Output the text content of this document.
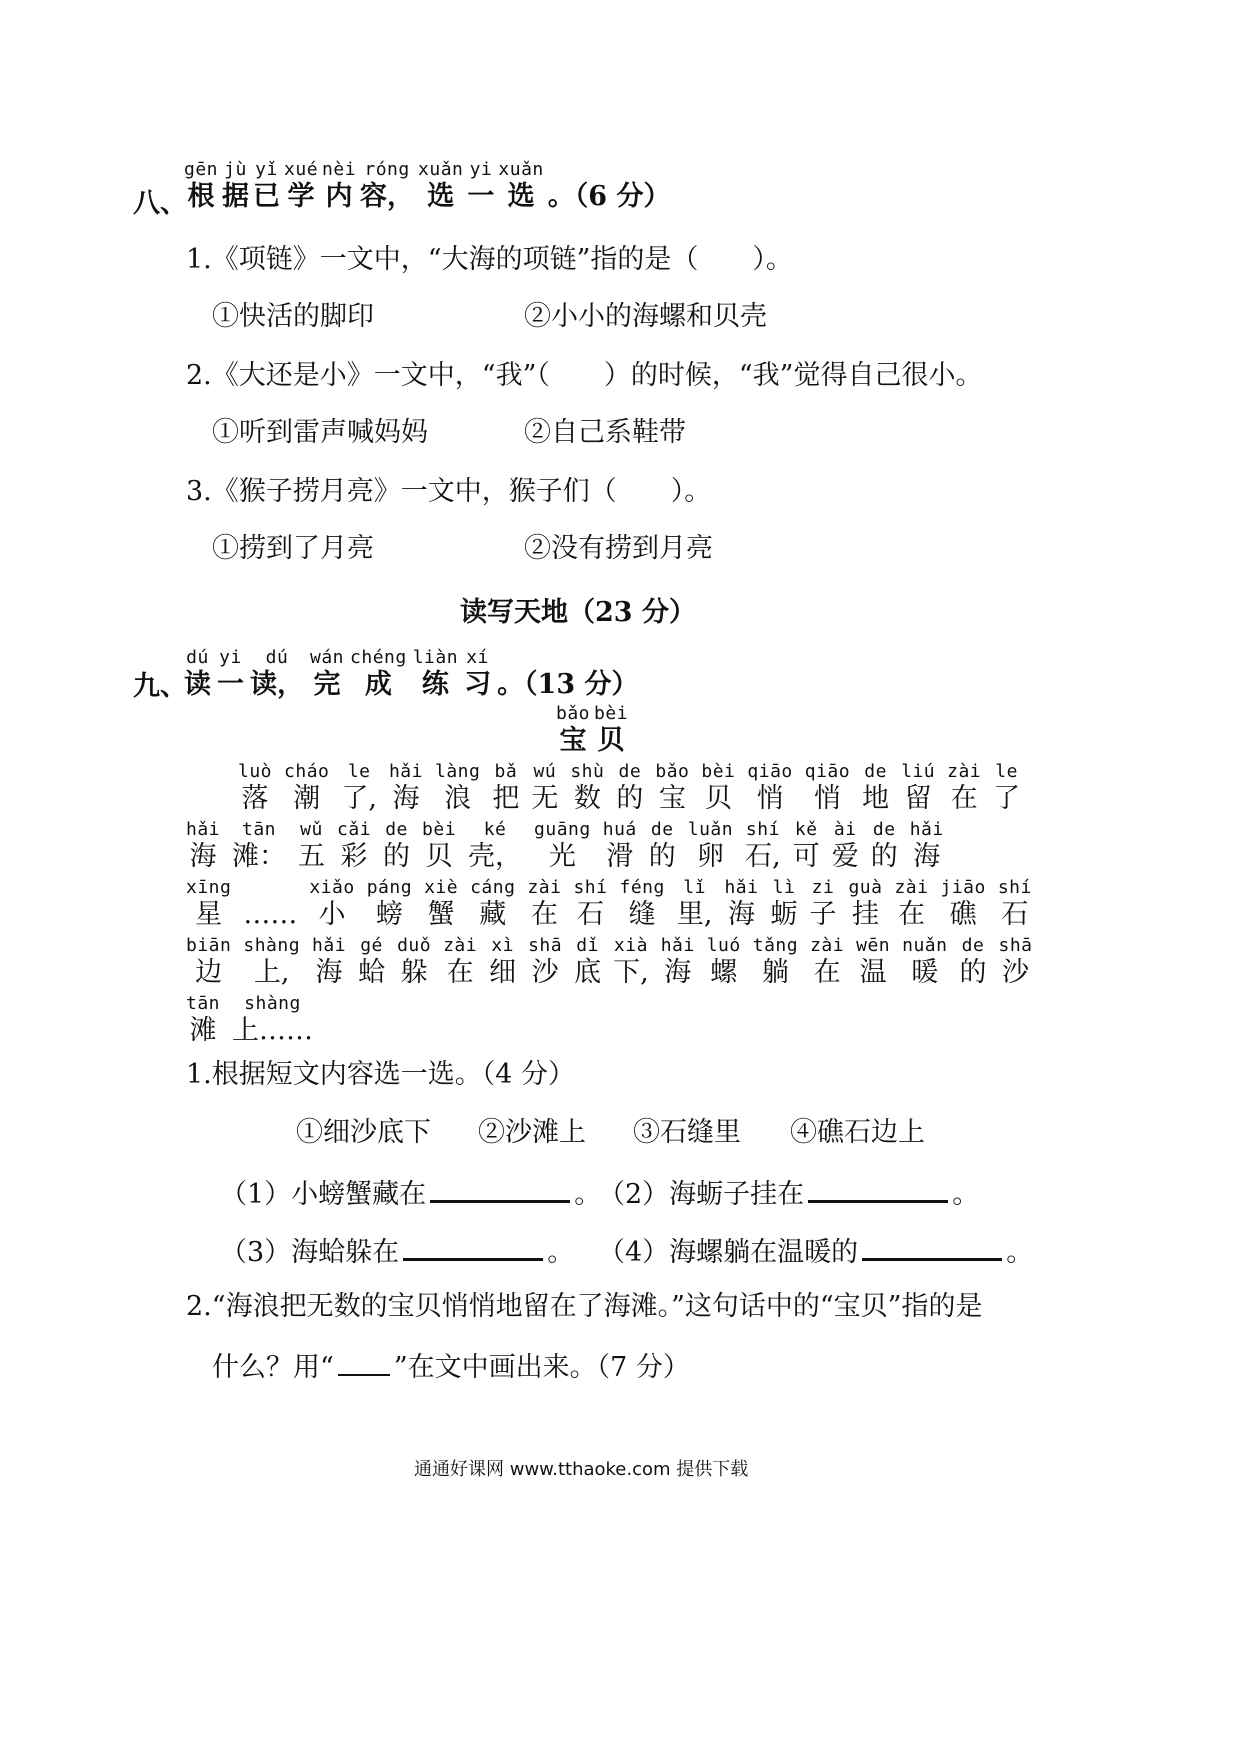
八、
gēn
根
jù
据
yǐ
已
xué
学
nèi
内
róng
容，
xuǎn
选
yi
一
xuǎn
选 。（6 分）
1.《项链》一文中，“大海的项链”指的是（　　）。
①快活的脚印	②小小的海螺和贝壳
2.《大还是小》一文中，“我”（　　）的时候，“我”觉得自己很小。
①听到雷声喊妈妈	②自己系鞋带
3.《猴子捞月亮》一文中，猴子们（　　）。
①捞到了月亮	②没有捞到月亮
读写天地（23 分）
九、
dú
读
yi
一
dú
读，
wán
完
chéng
成
liàn
练
xí
习 。（13 分）
bǎo
宝
bèi
贝
luò
落
cháo
潮
le
了,
hǎi
海
làng
浪
bǎ
把
wú
无
shù
数
de
的
bǎo
宝
bèi
贝
qiāo
悄
qiāo
悄
de
地
liú
留
zài
在
le
了
hǎi
海
tān
滩：
wǔ
五
cǎi
彩
de
的
bèi
贝
ké
壳，
guāng
光
huá
滑
de
的
luǎn
卵
shí
石,
kě
可
ài
爱
de
的
hǎi
海
xīng
星 ……
xiǎo
小
páng
螃
xiè
蟹
cáng
藏
zài
在
shí
石
féng
缝
lǐ
里,
hǎi
海
lì
蛎
zi
子
guà
挂
zài
在
jiāo
礁
shí
石
biān
边
shàng
上,
hǎi
海
gé
蛤
duǒ
躲
zài
在
xì
细
shā
沙
dǐ
底
xià
下,
hǎi
海
luó
螺
tǎng
躺
zài
在
wēn
温
nuǎn
暖
de
的
shā
沙
tān
滩
shàng
上……
1.根据短文内容选一选。（4 分）
①细沙底下 ②沙滩上 ③石缝里 ④礁石边上
（1）小螃蟹藏在	。
（2）海蛎子挂在	。
（3）海蛤躲在	。 （4）海螺躺在温暖的	。
2.“海浪把无数的宝贝悄悄地留在了海滩。”这句话中的“宝贝”指的是
什么？用“ ”在文中画出来。（7 分）
通通好课网 www.tthaoke.com 提供下载
